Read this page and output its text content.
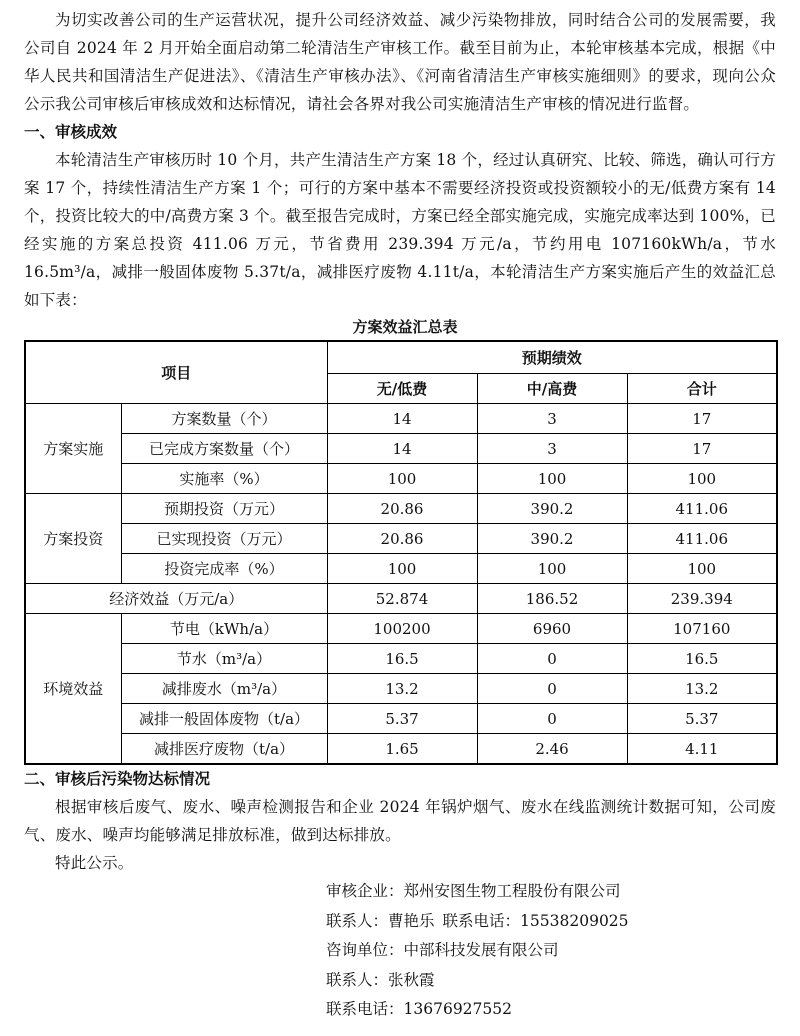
为切实改善公司的生产运营状况，提升公司经济效益、减少污染物排放，同时结合公司的发展需要，我公司自 2024 年 2 月开始全面启动第二轮清洁生产审核工作。截至目前为止，本轮审核基本完成，根据《中华人民共和国清洁生产促进法》、《清洁生产审核办法》、《河南省清洁生产审核实施细则》的要求，现向公众公示我公司审核后审核成效和达标情况，请社会各界对我公司实施清洁生产审核的情况进行监督。

一、审核成效

本轮清洁生产审核历时 10 个月，共产生清洁生产方案 18 个，经过认真研究、比较、筛选，确认可行方案 17 个，持续性清洁生产方案 1 个；可行的方案中基本不需要经济投资或投资额较小的无/低费方案有 14 个，投资比较大的中/高费方案 3 个。截至报告完成时，方案已经全部实施完成，实施完成率达到 100%，已经实施的方案总投资 411.06 万元，节省费用 239.394 万元/a，节约用电 107160kWh/a，节水 16.5m³/a，减排一般固体废物 5.37t/a，减排医疗废物 4.11t/a，本轮清洁生产方案实施后产生的效益汇总如下表：

方案效益汇总表

项目		预期绩效		
		无/低费	中/高费	合计
方案实施	方案数量（个）	14	3	17
	已完成方案数量（个）	14	3	17
	实施率（%）	100	100	100
方案投资	预期投资（万元）	20.86	390.2	411.06
	已实现投资（万元）	20.86	390.2	411.06
	投资完成率（%）	100	100	100
经济效益（万元/a）		52.874	186.52	239.394
环境效益	节电（kWh/a）	100200	6960	107160
	节水（m³/a）	16.5	0	16.5
	减排废水（m³/a）	13.2	0	13.2
	减排一般固体废物（t/a）	5.37	0	5.37
	减排医疗废物（t/a）	1.65	2.46	4.11

二、审核后污染物达标情况

根据审核后废气、废水、噪声检测报告和企业 2024 年锅炉烟气、废水在线监测统计数据可知，公司废气、废水、噪声均能够满足排放标准，做到达标排放。

特此公示。

审核企业：郑州安图生物工程股份有限公司
联系人：曹艳乐 联系电话：15538209025
咨询单位：中部科技发展有限公司
联系人：张秋霞
联系电话：13676927552
